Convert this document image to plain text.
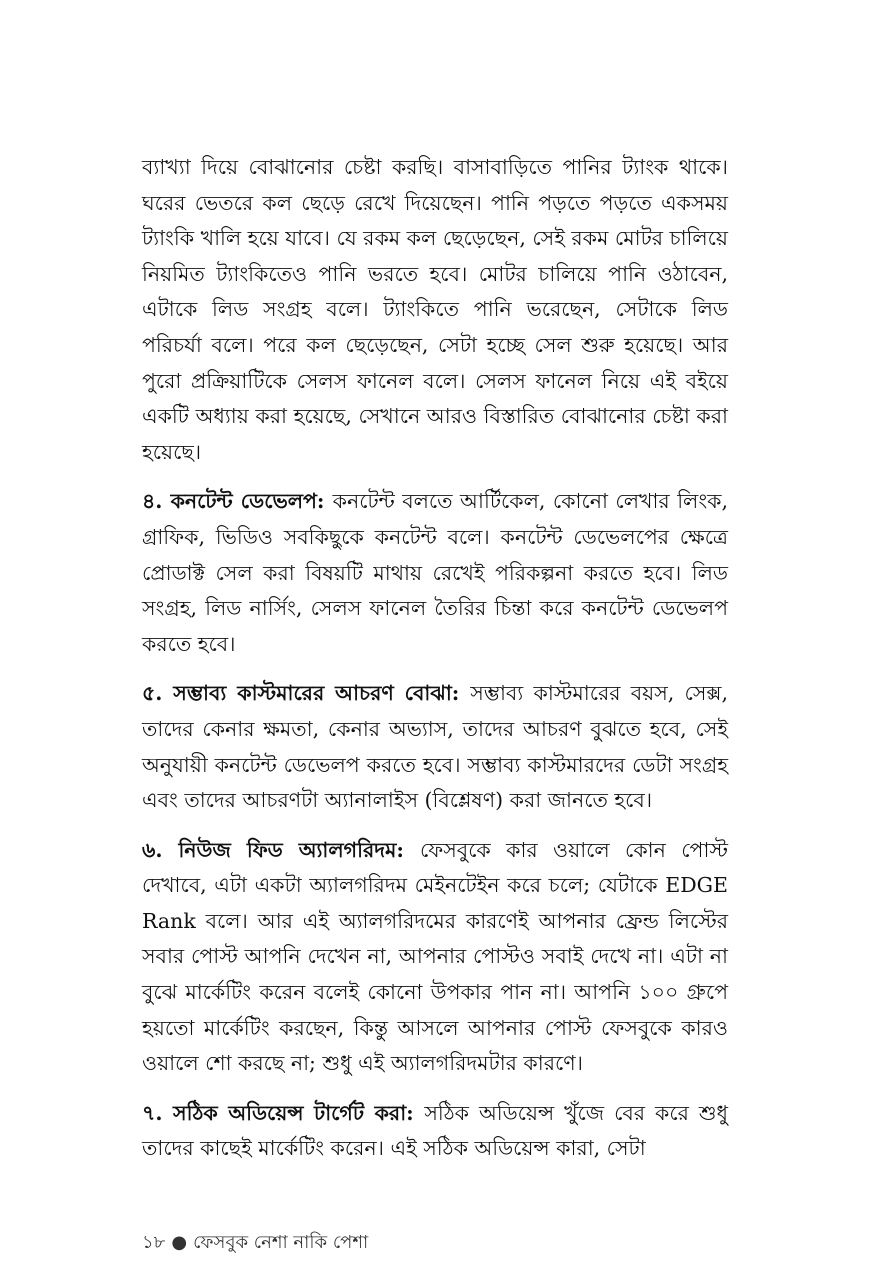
ব্যাখ্যা দিয়ে বোঝানোর চেষ্টা করছি। বাসাবাড়িতে পানির ট্যাংক থাকে। ঘরের ভেতরে কল ছেড়ে রেখে দিয়েছেন। পানি পড়তে পড়তে একসময় ট্যাংকি খালি হয়ে যাবে। যে রকম কল ছেড়েছেন, সেই রকম মোটর চালিয়ে নিয়মিত ট্যাংকিতেও পানি ভরতে হবে। মোটর চালিয়ে পানি ওঠাবেন, এটাকে লিড সংগ্রহ বলে। ট্যাংকিতে পানি ভরেছেন, সেটাকে লিড পরিচর্যা বলে। পরে কল ছেড়েছেন, সেটা হচ্ছে সেল শুরু হয়েছে। আর পুরো প্রক্রিয়াটিকে সেলস ফানেল বলে। সেলস ফানেল নিয়ে এই বইয়ে একটি অধ্যায় করা হয়েছে, সেখানে আরও বিস্তারিত বোঝানোর চেষ্টা করা হয়েছে।

৪. কনটেন্ট ডেভেলপ: কনটেন্ট বলতে আর্টিকেল, কোনো লেখার লিংক, গ্রাফিক, ভিডিও সবকিছুকে কনটেন্ট বলে। কনটেন্ট ডেভেলপের ক্ষেত্রে প্রোডাক্ট সেল করা বিষয়টি মাথায় রেখেই পরিকল্পনা করতে হবে। লিড সংগ্রহ, লিড নার্সিং, সেলস ফানেল তৈরির চিন্তা করে কনটেন্ট ডেভেলপ করতে হবে।

৫. সম্ভাব্য কাস্টমারের আচরণ বোঝা: সম্ভাব্য কাস্টমারের বয়স, সেক্স, তাদের কেনার ক্ষমতা, কেনার অভ্যাস, তাদের আচরণ বুঝতে হবে, সেই অনুযায়ী কনটেন্ট ডেভেলপ করতে হবে। সম্ভাব্য কাস্টমারদের ডেটা সংগ্রহ এবং তাদের আচরণটা অ্যানালাইস (বিশ্লেষণ) করা জানতে হবে।

৬. নিউজ ফিড অ্যালগরিদম: ফেসবুকে কার ওয়ালে কোন পোস্ট দেখাবে, এটা একটা অ্যালগরিদম মেইনটেইন করে চলে; যেটাকে EDGE Rank বলে। আর এই অ্যালগরিদমের কারণেই আপনার ফ্রেন্ড লিস্টের সবার পোস্ট আপনি দেখেন না, আপনার পোস্টও সবাই দেখে না। এটা না বুঝে মার্কেটিং করেন বলেই কোনো উপকার পান না। আপনি ১০০ গ্রুপে হয়তো মার্কেটিং করছেন, কিন্তু আসলে আপনার পোস্ট ফেসবুকে কারও ওয়ালে শো করছে না; শুধু এই অ্যালগরিদমটার কারণে।

৭. সঠিক অডিয়েন্স টার্গেট করা: সঠিক অডিয়েন্স খুঁজে বের করে শুধু তাদের কাছেই মার্কেটিং করেন। এই সঠিক অডিয়েন্স কারা, সেটা

১৮ ● ফেসবুক নেশা নাকি পেশা
